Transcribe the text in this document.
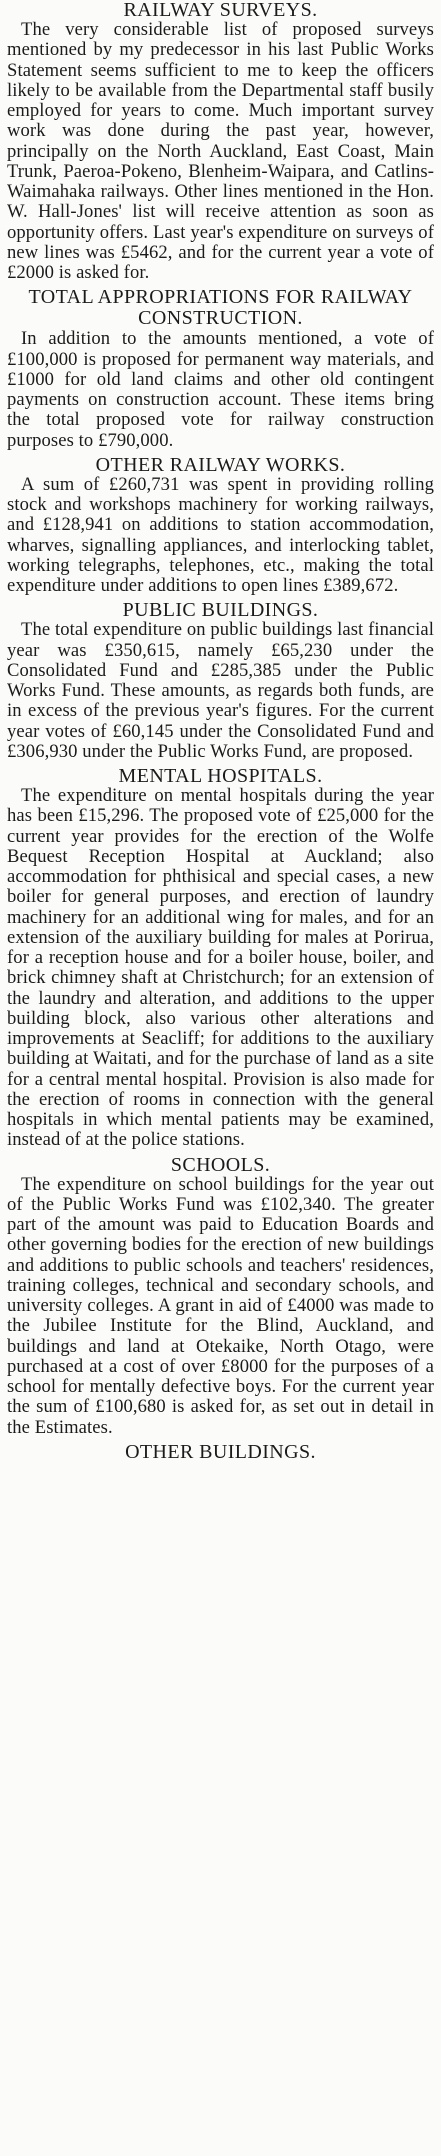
RAILWAY SURVEYS.

The very considerable list of proposed surveys mentioned by my predecessor in his last Public Works Statement seems sufficient to me to keep the officers likely to be available from the Departmental staff busily employed for years to come. Much important survey work was done during the past year, however, principally on the North Auckland, East Coast, Main Trunk, Paeroa-Pokeno, Blenheim-Waipara, and Catlins-Waimahaka railways. Other lines mentioned in the Hon. W. Hall-Jones' list will receive attention as soon as opportunity offers. Last year's expenditure on surveys of new lines was £5462, and for the current year a vote of £2000 is asked for.

TOTAL APPROPRIATIONS FOR RAILWAY CONSTRUCTION.

In addition to the amounts mentioned, a vote of £100,000 is proposed for permanent way materials, and £1000 for old land claims and other old contingent payments on construction account. These items bring the total proposed vote for railway construction purposes to £790,000.

OTHER RAILWAY WORKS.

A sum of £260,731 was spent in providing rolling stock and workshops machinery for working railways, and £128,941 on additions to station accommodation, wharves, signalling appliances, and interlocking tablet, working telegraphs, telephones, etc., making the total expenditure under additions to open lines £389,672.

PUBLIC BUILDINGS.

The total expenditure on public buildings last financial year was £350,615, namely £65,230 under the Consolidated Fund and £285,385 under the Public Works Fund. These amounts, as regards both funds, are in excess of the previous year's figures. For the current year votes of £60,145 under the Consolidated Fund and £306,930 under the Public Works Fund, are proposed.

MENTAL HOSPITALS.

The expenditure on mental hospitals during the year has been £15,296. The proposed vote of £25,000 for the current year provides for the erection of the Wolfe Bequest Reception Hospital at Auckland; also accommodation for phthisical and special cases, a new boiler for general purposes, and erection of laundry machinery for an additional wing for males, and for an extension of the auxiliary building for males at Porirua, for a reception house and for a boiler house, boiler, and brick chimney shaft at Christchurch; for an extension of the laundry and alteration, and additions to the upper building block, also various other alterations and improvements at Seacliff; for additions to the auxiliary building at Waitati, and for the purchase of land as a site for a central mental hospital. Provision is also made for the erection of rooms in connection with the general hospitals in which mental patients may be examined, instead of at the police stations.

SCHOOLS.

The expenditure on school buildings for the year out of the Public Works Fund was £102,340. The greater part of the amount was paid to Education Boards and other governing bodies for the erection of new buildings and additions to public schools and teachers' residences, training colleges, technical and secondary schools, and university colleges. A grant in aid of £4000 was made to the Jubilee Institute for the Blind, Auckland, and buildings and land at Otekaike, North Otago, were purchased at a cost of over £8000 for the purposes of a school for mentally defective boys. For the current year the sum of £100,680 is asked for, as set out in detail in the Estimates.

OTHER BUILDINGS.
